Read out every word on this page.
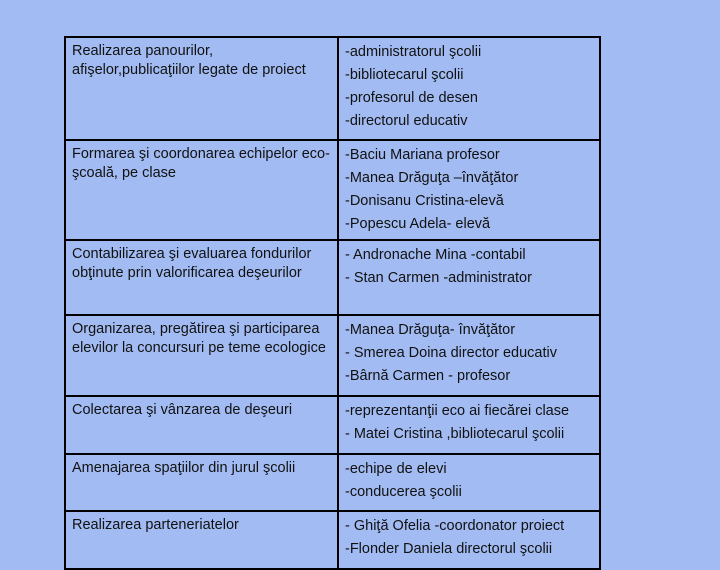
Realizarea panourilor, afişelor,publicaţiilor legate de proiect	-administratorul şcolii
-bibliotecarul şcolii
-profesorul de desen
-directorul educativ

Formarea şi coordonarea echipelor eco-şcoală, pe clase	-Baciu Mariana profesor
-Manea Drăguţa –învăţător
-Donisanu Cristina-elevă
-Popescu Adela- elevă

Contabilizarea şi evaluarea fondurilor obţinute prin valorificarea deşeurilor	- Andronache Mina -contabil
- Stan Carmen -administrator

Organizarea, pregătirea şi participarea elevilor la concursuri pe teme ecologice	-Manea Drăguţa- învăţător
- Smerea Doina director educativ
-Bârnă Carmen - profesor

Colectarea şi vânzarea de deşeuri	-reprezentanţii eco ai fiecărei clase
- Matei Cristina ,bibliotecarul şcolii

Amenajarea spaţiilor din jurul şcolii	-echipe de elevi
-conducerea şcolii

Realizarea parteneriatelor	- Ghiţă Ofelia -coordonator proiect
-Flonder Daniela directorul şcolii
